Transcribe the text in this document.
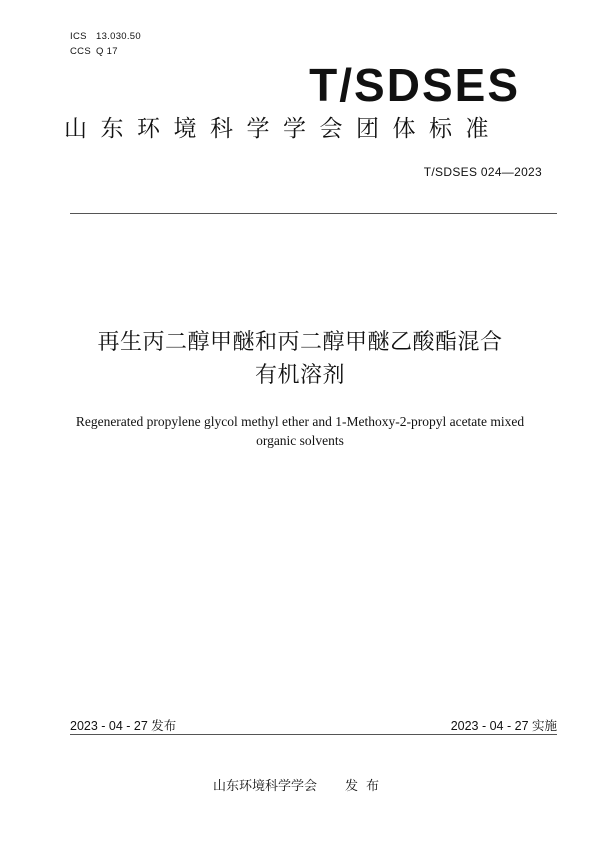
ICS 13.030.50
CCS Q 17
T/SDSES
山东环境科学学会团体标准
T/SDSES 024—2023
再生丙二醇甲醚和丙二醇甲醚乙酸酯混合
有机溶剂
Regenerated propylene glycol methyl ether and 1-Methoxy-2-propyl acetate mixed
organic solvents
2023 - 04 - 27 发布	2023 - 04 - 27 实施
山东环境科学学会 发布
